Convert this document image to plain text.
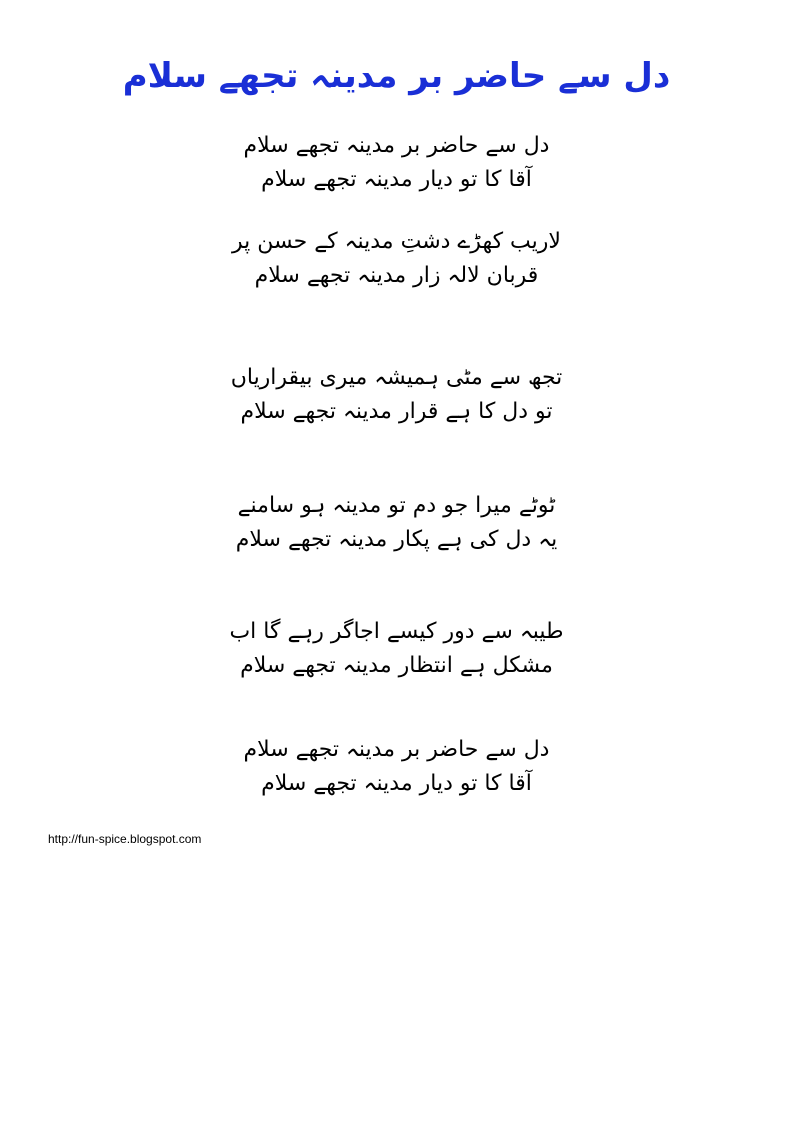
دل سے حاضر بر مدینہ تجھے سلام
دل سے حاضر بر مدینہ تجھے سلام
آقا کا تو دیار مدینہ تجھے سلام
لاریب کھڑے دشتِ مدینہ کے حسن پر
قربان لالہ زار مدینہ تجھے سلام
تجھ سے مٹی ہمیشہ میری بیقراریاں
تو دل کا ہے قرار مدینہ تجھے سلام
ٹوٹے میرا جو دم تو مدینہ ہو سامنے
یہ دل کی ہے پکار مدینہ تجھے سلام
طیبہ سے دور کیسے اجاگر رہے گا اب
مشکل ہے انتظار مدینہ تجھے سلام
دل سے حاضر بر مدینہ تجھے سلام
آقا کا تو دیار مدینہ تجھے سلام
http://fun-spice.blogspot.com
